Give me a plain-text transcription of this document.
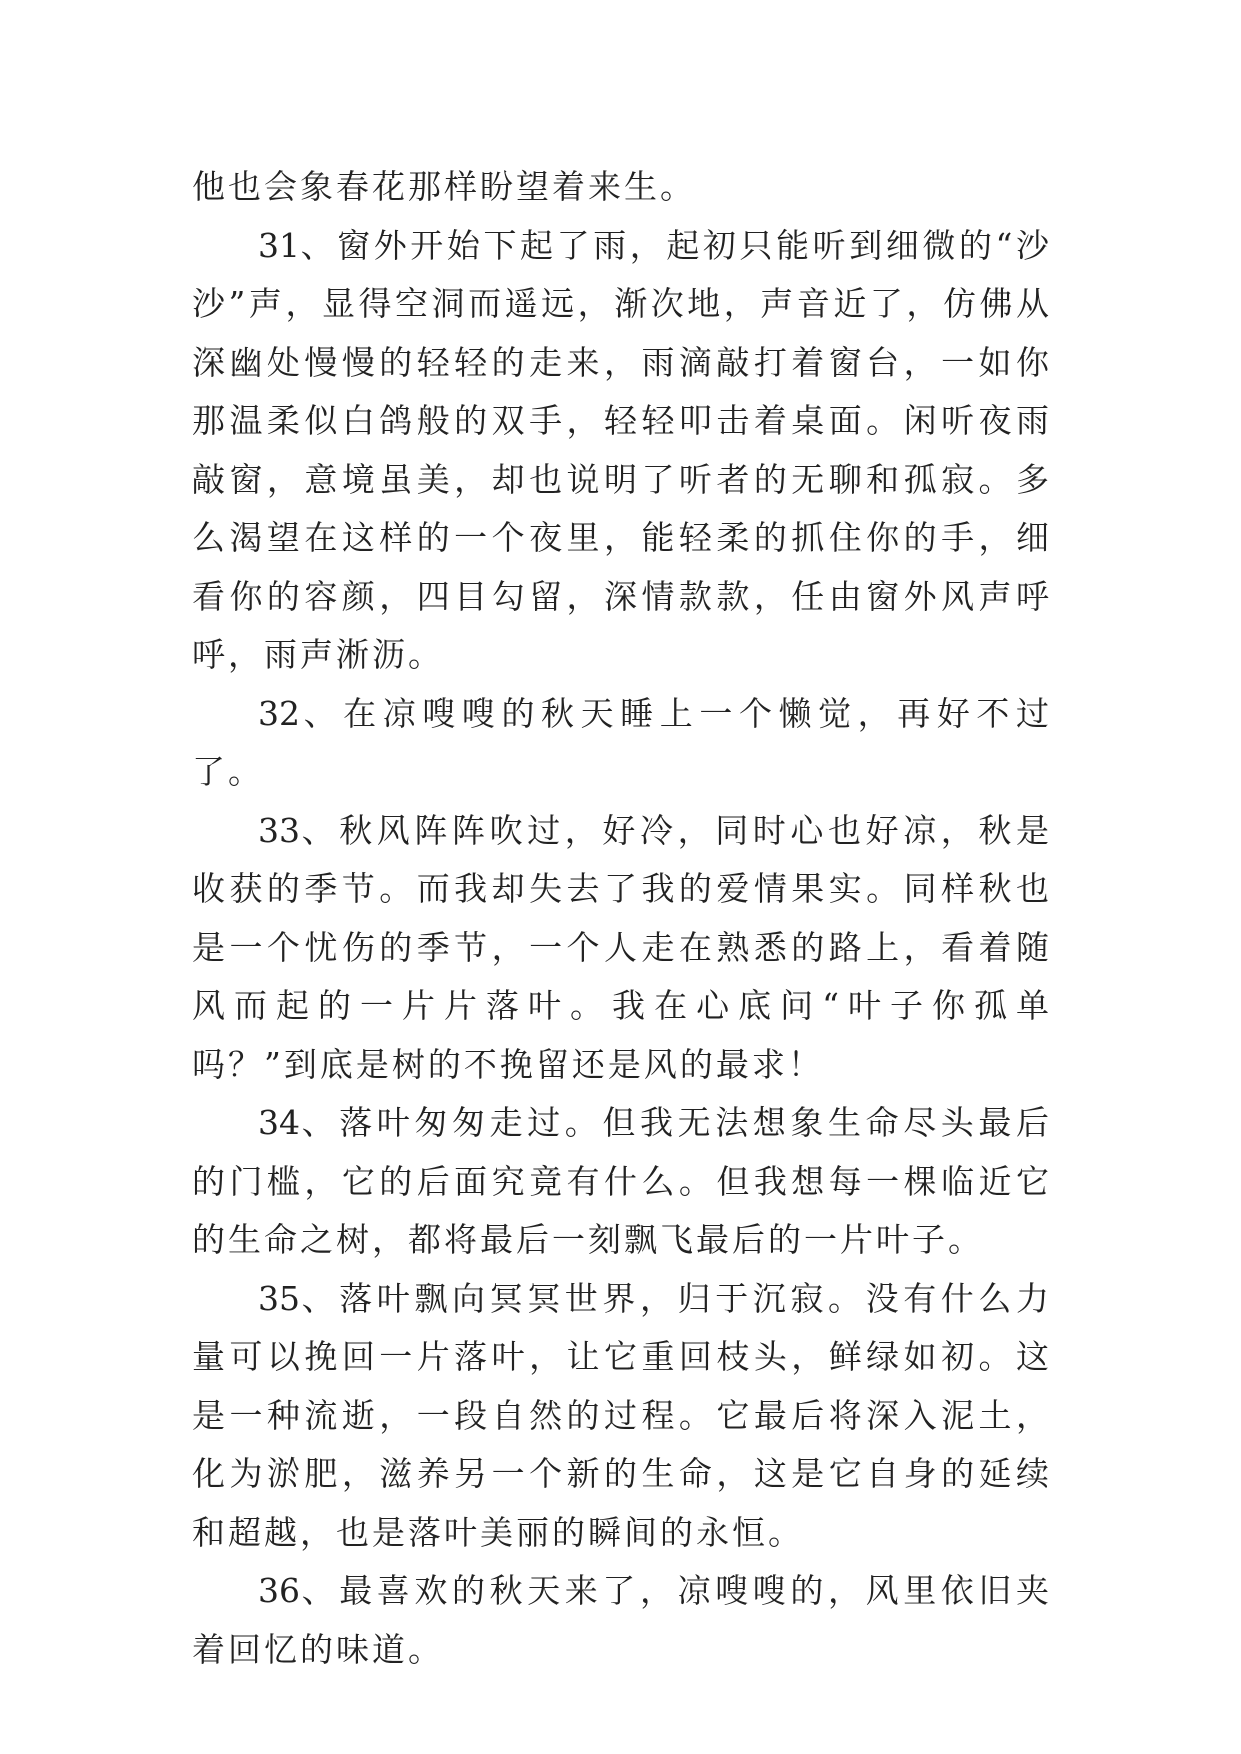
他也会象春花那样盼望着来生。

31、窗外开始下起了雨，起初只能听到细微的“沙沙”声，显得空洞而遥远，渐次地，声音近了，仿佛从深幽处慢慢的轻轻的走来，雨滴敲打着窗台，一如你那温柔似白鸽般的双手，轻轻叩击着桌面。闲听夜雨敲窗，意境虽美，却也说明了听者的无聊和孤寂。多么渴望在这样的一个夜里，能轻柔的抓住你的手，细看你的容颜，四目勾留，深情款款，任由窗外风声呼呼，雨声淅沥。

32、在凉嗖嗖的秋天睡上一个懒觉，再好不过了。

33、秋风阵阵吹过，好冷，同时心也好凉，秋是收获的季节。而我却失去了我的爱情果实。同样秋也是一个忧伤的季节，一个人走在熟悉的路上，看着随风而起的一片片落叶。我在心底问“叶子你孤单吗？”到底是树的不挽留还是风的最求！

34、落叶匆匆走过。但我无法想象生命尽头最后的门槛，它的后面究竟有什么。但我想每一棵临近它的生命之树，都将最后一刻飘飞最后的一片叶子。

35、落叶飘向冥冥世界，归于沉寂。没有什么力量可以挽回一片落叶，让它重回枝头，鲜绿如初。这是一种流逝，一段自然的过程。它最后将深入泥土，化为淤肥，滋养另一个新的生命，这是它自身的延续和超越，也是落叶美丽的瞬间的永恒。

36、最喜欢的秋天来了，凉嗖嗖的，风里依旧夹着回忆的味道。
